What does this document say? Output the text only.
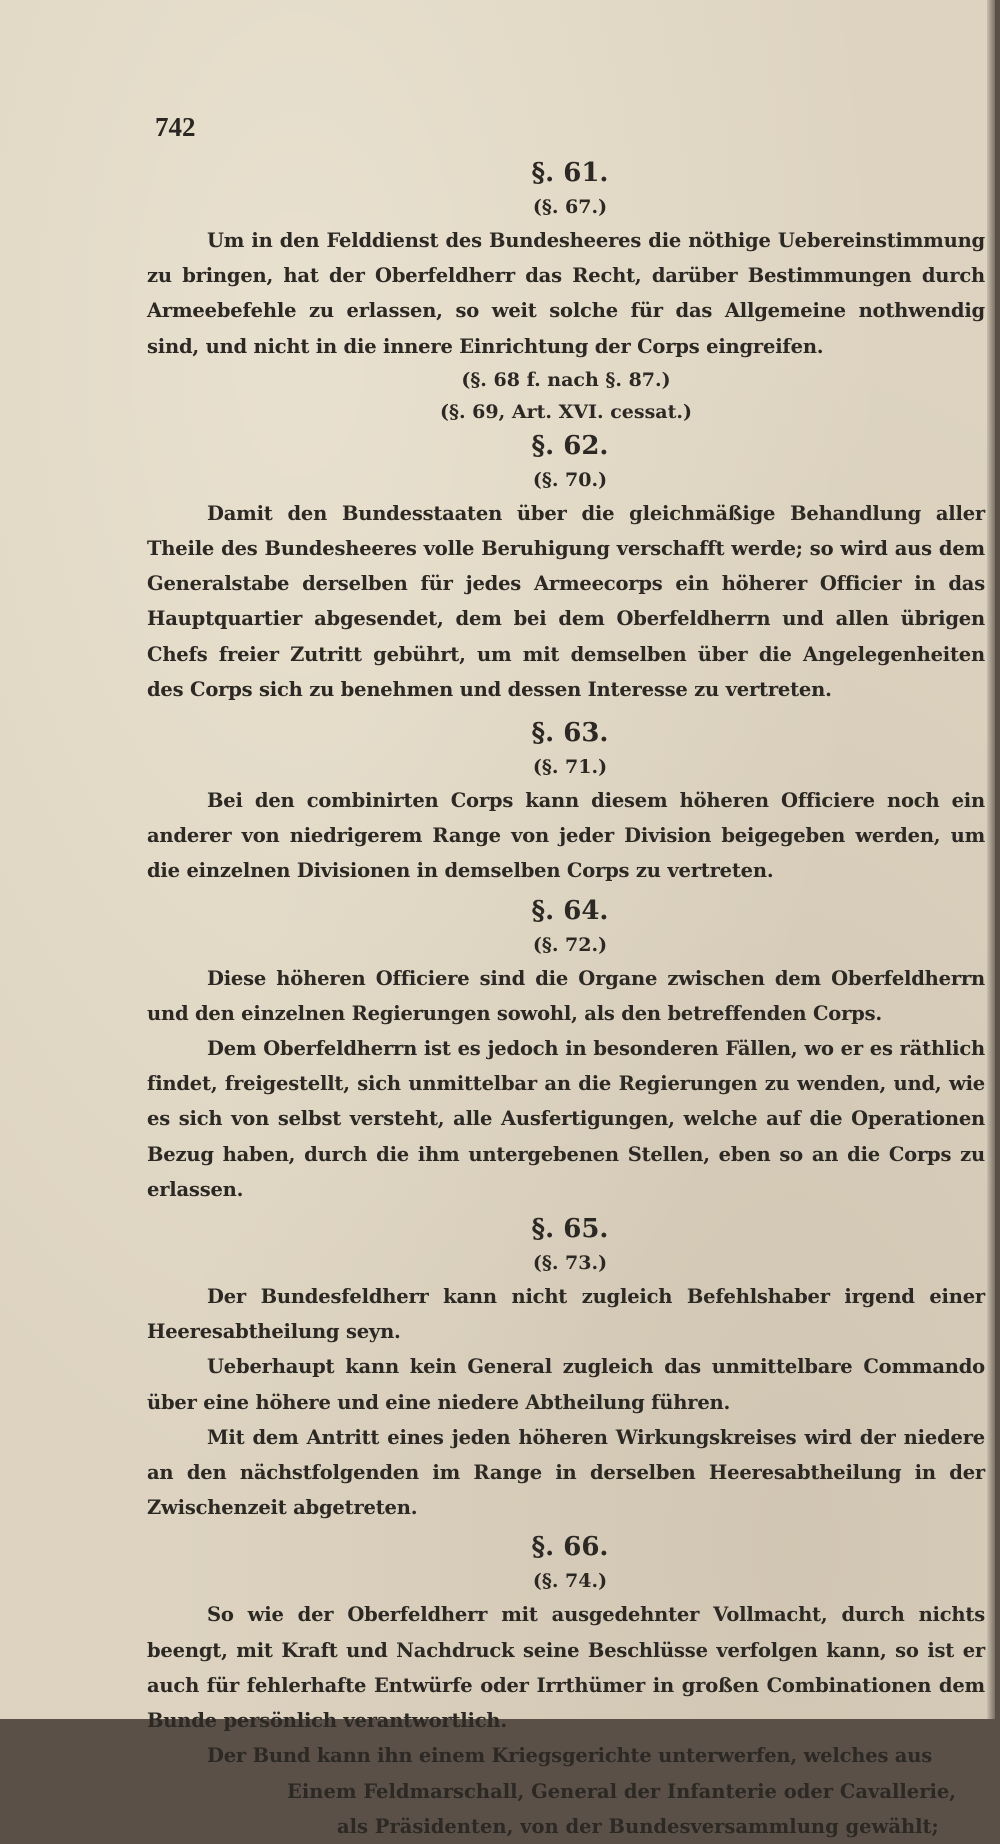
742
§. 61.
(§. 67.)

Um in den Felddienst des Bundesheeres die nöthige Uebereinstimmung zu bringen, hat der Oberfeldherr das Recht, darüber Bestimmungen durch Armeebefehle zu erlassen, so weit solche für das Allgemeine nothwendig sind, und nicht in die innere Einrichtung der Corps eingreifen.

(§. 68 f. nach §. 87.)
(§. 69, Art. XVI. cessat.)
§. 62.
(§. 70.)

Damit den Bundesstaaten über die gleichmäßige Behandlung aller Theile des Bundesheeres volle Beruhigung verschafft werde; so wird aus dem Generalstabe derselben für jedes Armeecorps ein höherer Officier in das Hauptquartier abgesendet, dem bei dem Oberfeldherrn und allen übrigen Chefs freier Zutritt gebührt, um mit demselben über die Angelegenheiten des Corps sich zu benehmen und dessen Interesse zu vertreten.

§. 63.
(§. 71.)

Bei den combinirten Corps kann diesem höheren Officiere noch ein anderer von niedrigerem Range von jeder Division beigegeben werden, um die einzelnen Divisionen in demselben Corps zu vertreten.

§. 64.
(§. 72.)

Diese höheren Officiere sind die Organe zwischen dem Oberfeldherrn und den einzelnen Regierungen sowohl, als den betreffenden Corps.

Dem Oberfeldherrn ist es jedoch in besonderen Fällen, wo er es räthlich findet, freigestellt, sich unmittelbar an die Regierungen zu wenden, und, wie es sich von selbst versteht, alle Ausfertigungen, welche auf die Operationen Bezug haben, durch die ihm untergebenen Stellen, eben so an die Corps zu erlassen.

§. 65.
(§. 73.)

Der Bundesfeldherr kann nicht zugleich Befehlshaber irgend einer Heeresabtheilung seyn.

Ueberhaupt kann kein General zugleich das unmittelbare Commando über eine höhere und eine niedere Abtheilung führen.

Mit dem Antritt eines jeden höheren Wirkungskreises wird der niedere an den nächstfolgenden im Range in derselben Heeresabtheilung in der Zwischenzeit abgetreten.

§. 66.
(§. 74.)

So wie der Oberfeldherr mit ausgedehnter Vollmacht, durch nichts beengt, mit Kraft und Nachdruck seine Beschlüsse verfolgen kann, so ist er auch für fehlerhafte Entwürfe oder Irrthümer in großen Combinationen dem Bunde persönlich verantwortlich.

Der Bund kann ihn einem Kriegsgerichte unterwerfen, welches aus

Einem Feldmarschall, General der Infanterie oder Cavallerie, als Präsidenten, von der Bundesversammlung gewählt;
